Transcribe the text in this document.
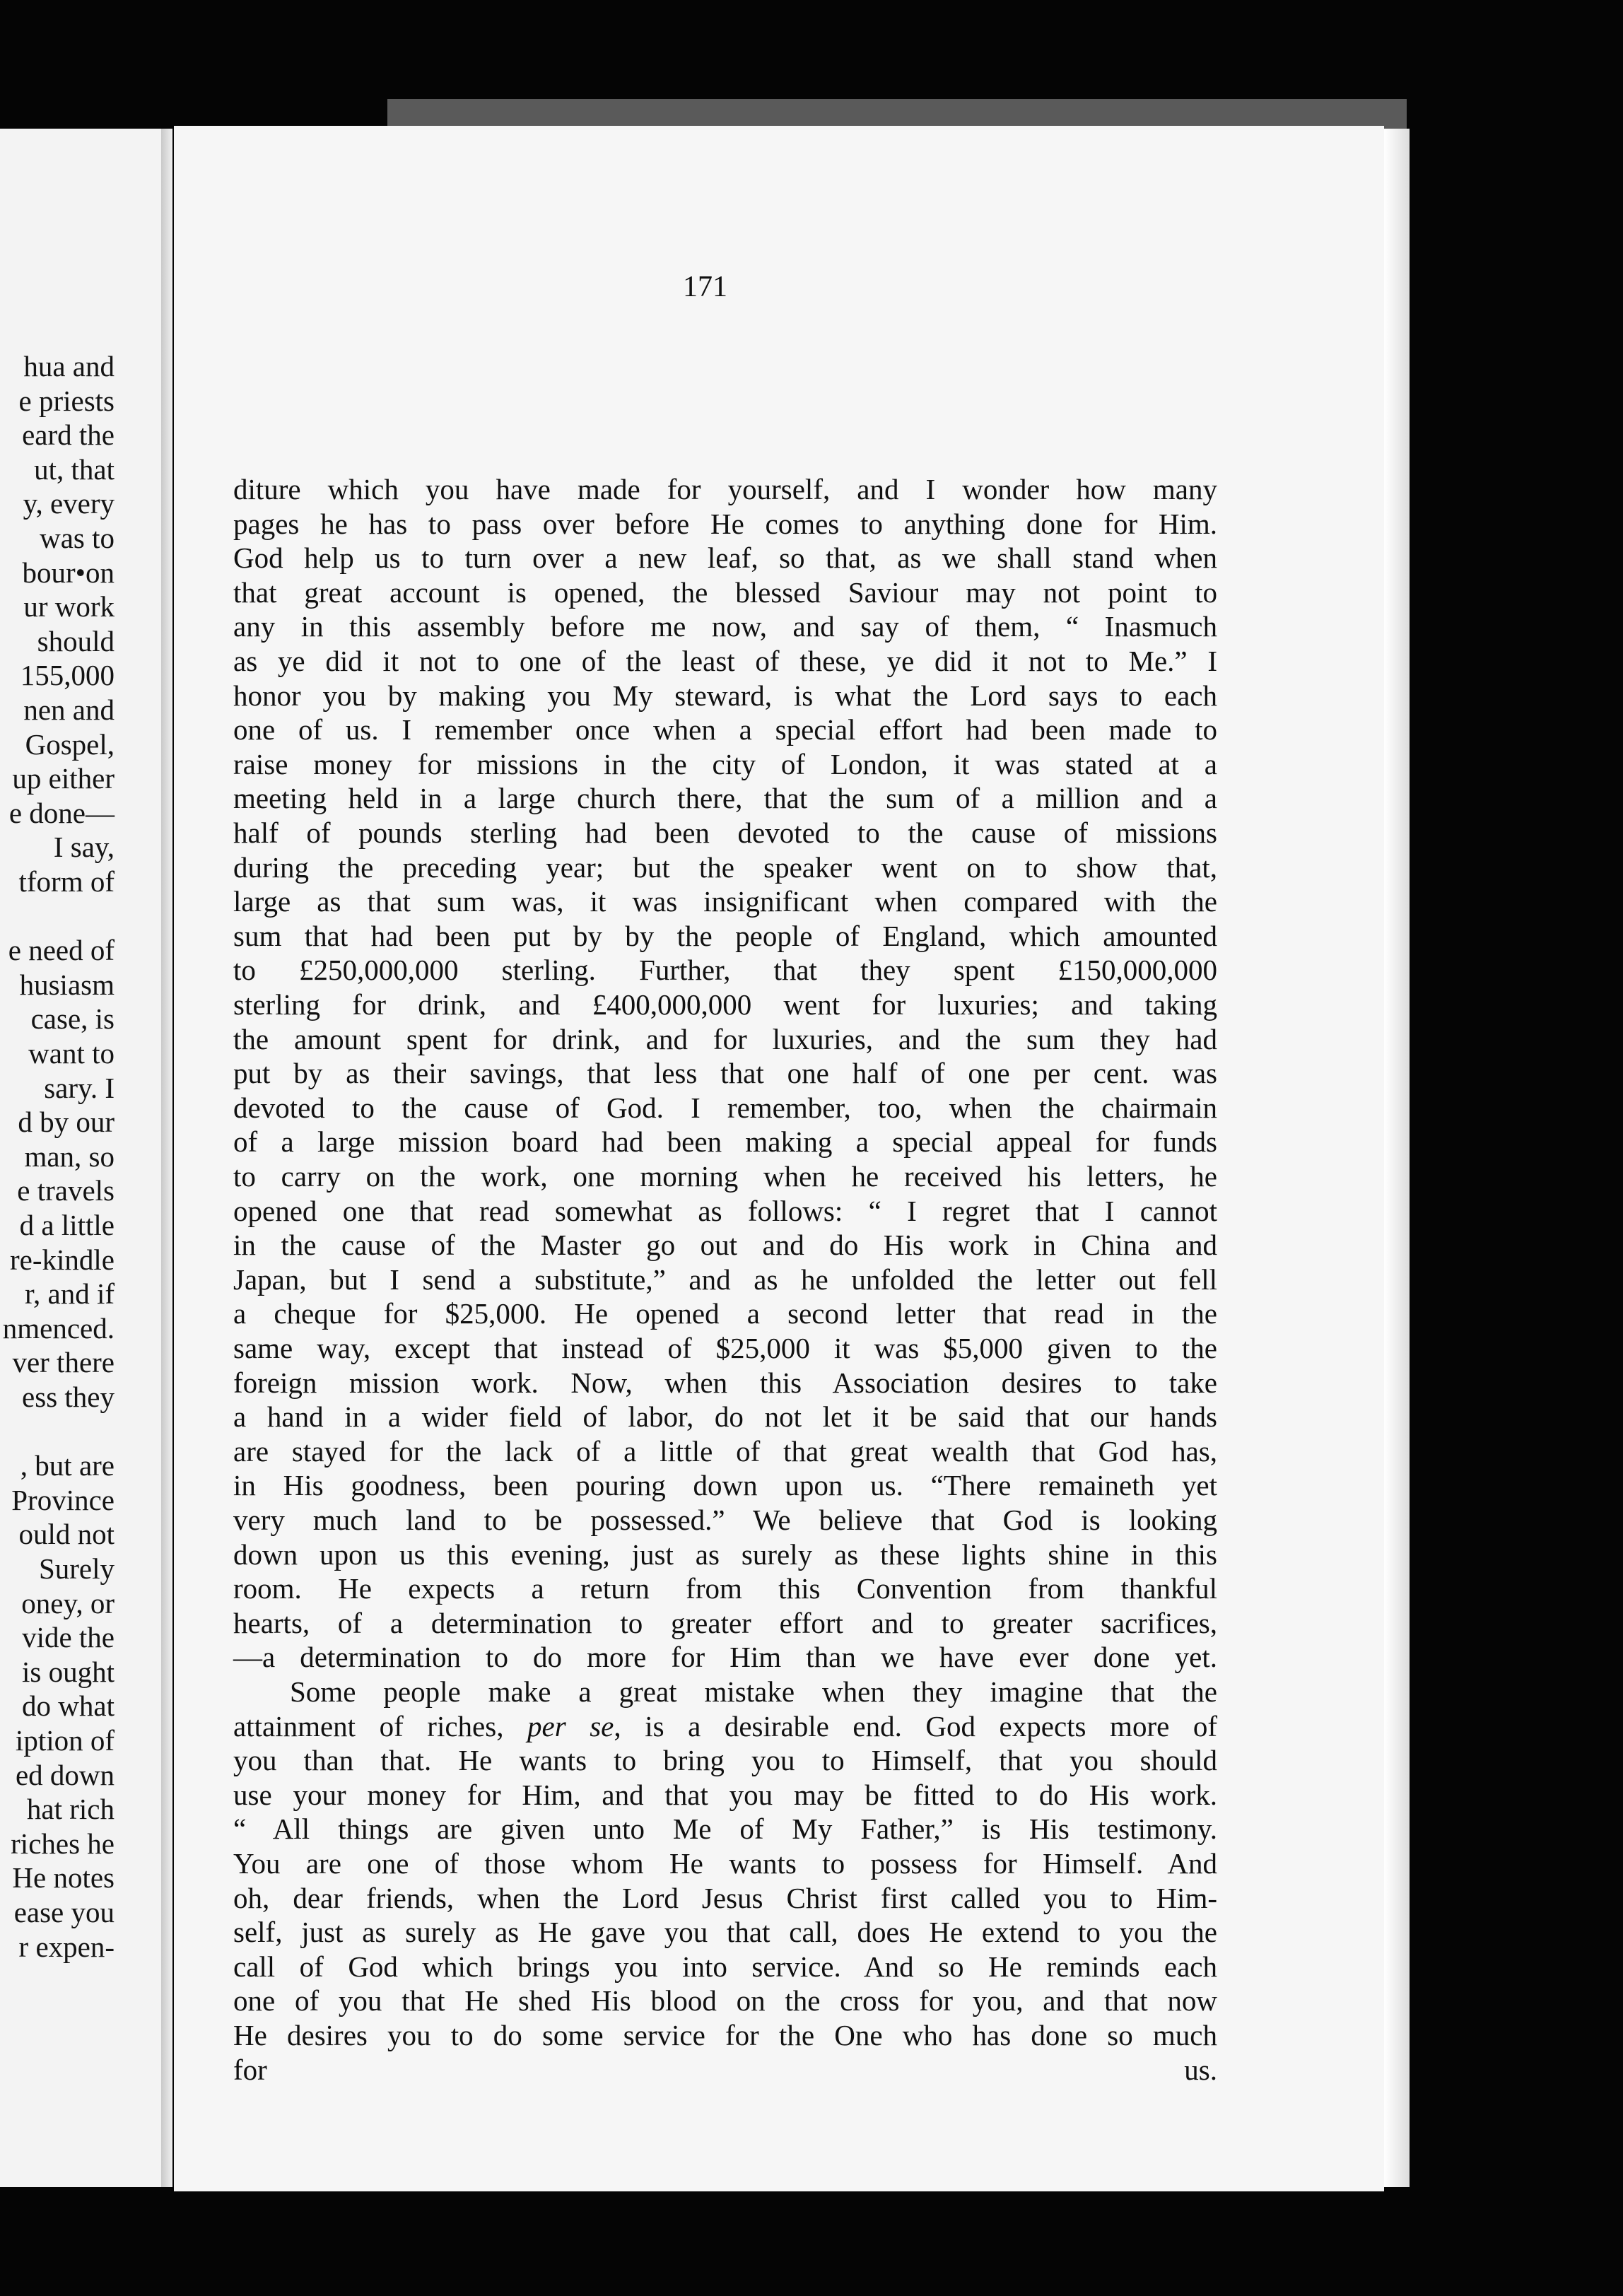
hua and
e priests
eard the
ut, that
y, every
was to
bour•on
ur work
should
155,000
nen and
Gospel,
up either
e done—
I say,
tform of
e need of
husiasm
case, is
want to
sary. I
d by our
man, so
e travels
d a little
re-kindle
r, and if
nmenced.
ver there
ess they
, but are
Province
ould not
Surely
oney, or
vide the
is ought
do what
iption of
ed down
hat rich
riches he
He notes
ease you
r expen-
171
diture which you have made for yourself, and I wonder how many
pages he has to pass over before He comes to anything done for Him.
God help us to turn over a new leaf, so that, as we shall stand when
that great account is opened, the blessed Saviour may not point to
any in this assembly before me now, and say of them, “ Inasmuch
as ye did it not to one of the least of these, ye did it not to Me.” I
honor you by making you My steward, is what the Lord says to each
one of us. I remember once when a special effort had been made to
raise money for missions in the city of London, it was stated at a
meeting held in a large church there, that the sum of a million and a
half of pounds sterling had been devoted to the cause of missions
during the preceding year; but the speaker went on to show that,
large as that sum was, it was insignificant when compared with the
sum that had been put by by the people of England, which amounted
to £250,000,000 sterling. Further, that they spent £150,000,000
sterling for drink, and £400,000,000 went for luxuries; and taking
the amount spent for drink, and for luxuries, and the sum they had
put by as their savings, that less that one half of one per cent. was
devoted to the cause of God. I remember, too, when the chairmain
of a large mission board had been making a special appeal for funds
to carry on the work, one morning when he received his letters, he
opened one that read somewhat as follows: “ I regret that I cannot
in the cause of the Master go out and do His work in China and
Japan, but I send a substitute,” and as he unfolded the letter out fell
a cheque for $25,000. He opened a second letter that read in the
same way, except that instead of $25,000 it was $5,000 given to the
foreign mission work. Now, when this Association desires to take
a hand in a wider field of labor, do not let it be said that our hands
are stayed for the lack of a little of that great wealth that God has,
in His goodness, been pouring down upon us. “There remaineth yet
very much land to be possessed.” We believe that God is looking
down upon us this evening, just as surely as these lights shine in this
room. He expects a return from this Convention from thankful
hearts, of a determination to greater effort and to greater sacrifices,
—a determination to do more for Him than we have ever done yet.
Some people make a great mistake when they imagine that the
attainment of riches, per se, is a desirable end. God expects more of
you than that. He wants to bring you to Himself, that you should
use your money for Him, and that you may be fitted to do His work.
“ All things are given unto Me of My Father,” is His testimony.
You are one of those whom He wants to possess for Himself. And
oh, dear friends, when the Lord Jesus Christ first called you to Him-
self, just as surely as He gave you that call, does He extend to you the
call of God which brings you into service. And so He reminds each
one of you that He shed His blood on the cross for you, and that now
He desires you to do some service for the One who has done so much
for us.
